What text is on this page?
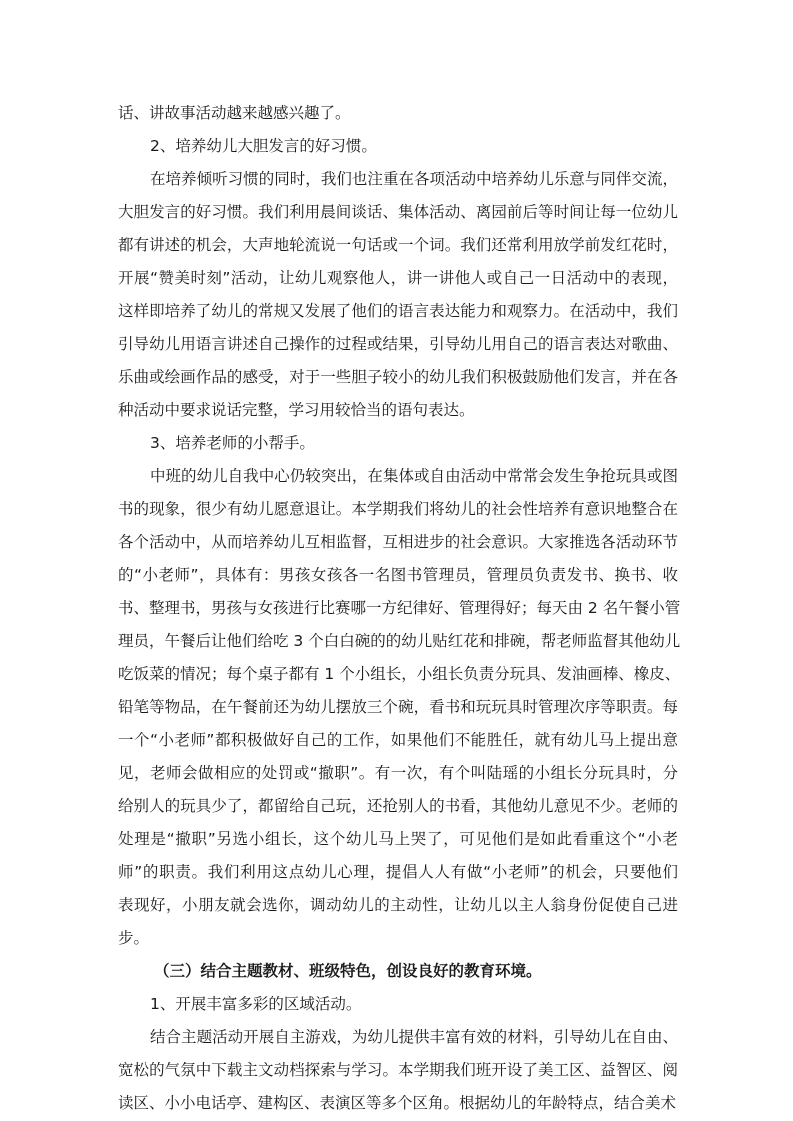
话、讲故事活动越来越感兴趣了。
2、培养幼儿大胆发言的好习惯。
在培养倾听习惯的同时，我们也注重在各项活动中培养幼儿乐意与同伴交流，
大胆发言的好习惯。我们利用晨间谈话、集体活动、离园前后等时间让每一位幼儿
都有讲述的机会，大声地轮流说一句话或一个词。我们还常利用放学前发红花时，
开展“赞美时刻”活动，让幼儿观察他人，讲一讲他人或自己一日活动中的表现，
这样即培养了幼儿的常规又发展了他们的语言表达能力和观察力。在活动中，我们
引导幼儿用语言讲述自己操作的过程或结果，引导幼儿用自己的语言表达对歌曲、
乐曲或绘画作品的感受，对于一些胆子较小的幼儿我们积极鼓励他们发言，并在各
种活动中要求说话完整，学习用较恰当的语句表达。
3、培养老师的小帮手。
中班的幼儿自我中心仍较突出，在集体或自由活动中常常会发生争抢玩具或图
书的现象，很少有幼儿愿意退让。本学期我们将幼儿的社会性培养有意识地整合在
各个活动中，从而培养幼儿互相监督，互相进步的社会意识。大家推选各活动环节
的“小老师”，具体有：男孩女孩各一名图书管理员，管理员负责发书、换书、收
书、整理书，男孩与女孩进行比赛哪一方纪律好、管理得好；每天由 2 名午餐小管
理员，午餐后让他们给吃 3 个白白碗的的幼儿贴红花和排碗，帮老师监督其他幼儿
吃饭菜的情况；每个桌子都有 1 个小组长，小组长负责分玩具、发油画棒、橡皮、
铅笔等物品，在午餐前还为幼儿摆放三个碗，看书和玩玩具时管理次序等职责。每
一个“小老师”都积极做好自己的工作，如果他们不能胜任，就有幼儿马上提出意
见，老师会做相应的处罚或“撤职”。有一次，有个叫陆瑶的小组长分玩具时，分
给别人的玩具少了，都留给自己玩，还抢别人的书看，其他幼儿意见不少。老师的
处理是“撤职”另选小组长，这个幼儿马上哭了，可见他们是如此看重这个“小老
师”的职责。我们利用这点幼儿心理，提倡人人有做“小老师”的机会，只要他们
表现好，小朋友就会选你，调动幼儿的主动性，让幼儿以主人翁身份促使自己进
步。
（三）结合主题教材、班级特色，创设良好的教育环境。
1、开展丰富多彩的区域活动。
结合主题活动开展自主游戏，为幼儿提供丰富有效的材料，引导幼儿在自由、
宽松的气氛中下载主文动档探索与学习。本学期我们班开设了美工区、益智区、阅
读区、小小电话亭、建构区、表演区等多个区角。根据幼儿的年龄特点，结合美术
